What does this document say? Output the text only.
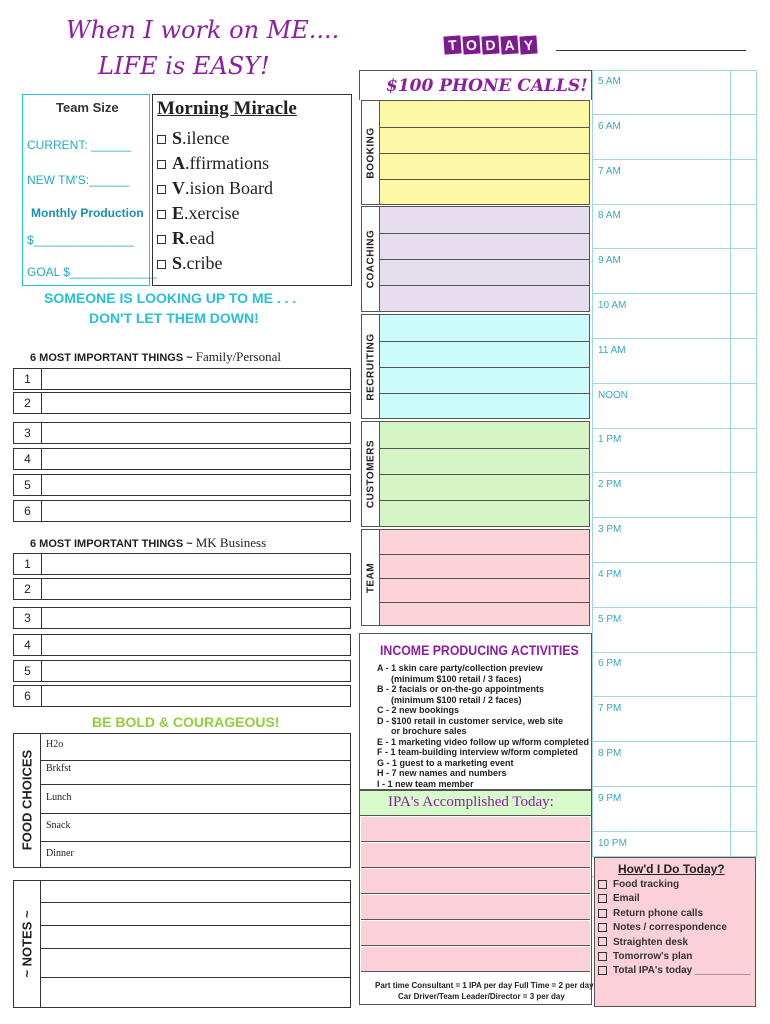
When I work on ME....
LIFE is EASY!
T O D A Y
Team Size
CURRENT: ______
NEW TM'S:______
Monthly Production
$_______________
GOAL $_____________
Morning Miracle
S.ilence
A.ffirmations
V.ision Board
E.xercise
R.ead
S.cribe
SOMEONE IS LOOKING UP TO ME . . .
DON'T LET THEM DOWN!
6 MOST IMPORTANT THINGS ~ Family/Personal
1
2
3
4
5
6
6 MOST IMPORTANT THINGS ~ MK Business
1
2
3
4
5
6
BE BOLD & COURAGEOUS!
FOOD CHOICES
H2o
Brkfst
Lunch
Snack
Dinner
~ NOTES ~
$100 PHONE CALLS!
BOOKING
COACHING
RECRUITING
CUSTOMERS
TEAM
INCOME PRODUCING ACTIVITIES
A - 1 skin care party/collection preview
(minimum $100 retail / 3 faces)
B - 2 facials or on-the-go appointments
(minimum $100 retail / 2 faces)
C - 2 new bookings
D - $100 retail in customer service, web site
or brochure sales
E - 1 marketing video follow up w/form completed
F - 1 team-building interview w/form completed
G - 1 guest to a marketing event
H - 7 new names and numbers
I - 1 new team member
IPA's Accomplished Today:
Part time Consultant = 1 IPA per day Full Time = 2 per day
Car Driver/Team Leader/Director = 3 per day
5 AM
6 AM
7 AM
8 AM
9 AM
10 AM
11 AM
NOON
1 PM
2 PM
3 PM
4 PM
5 PM
6 PM
7 PM
8 PM
9 PM
10 PM
How'd I Do Today?
Food tracking
Email
Return phone calls
Notes / correspondence
Straighten desk
Tomorrow's plan
Total IPA's today __________
